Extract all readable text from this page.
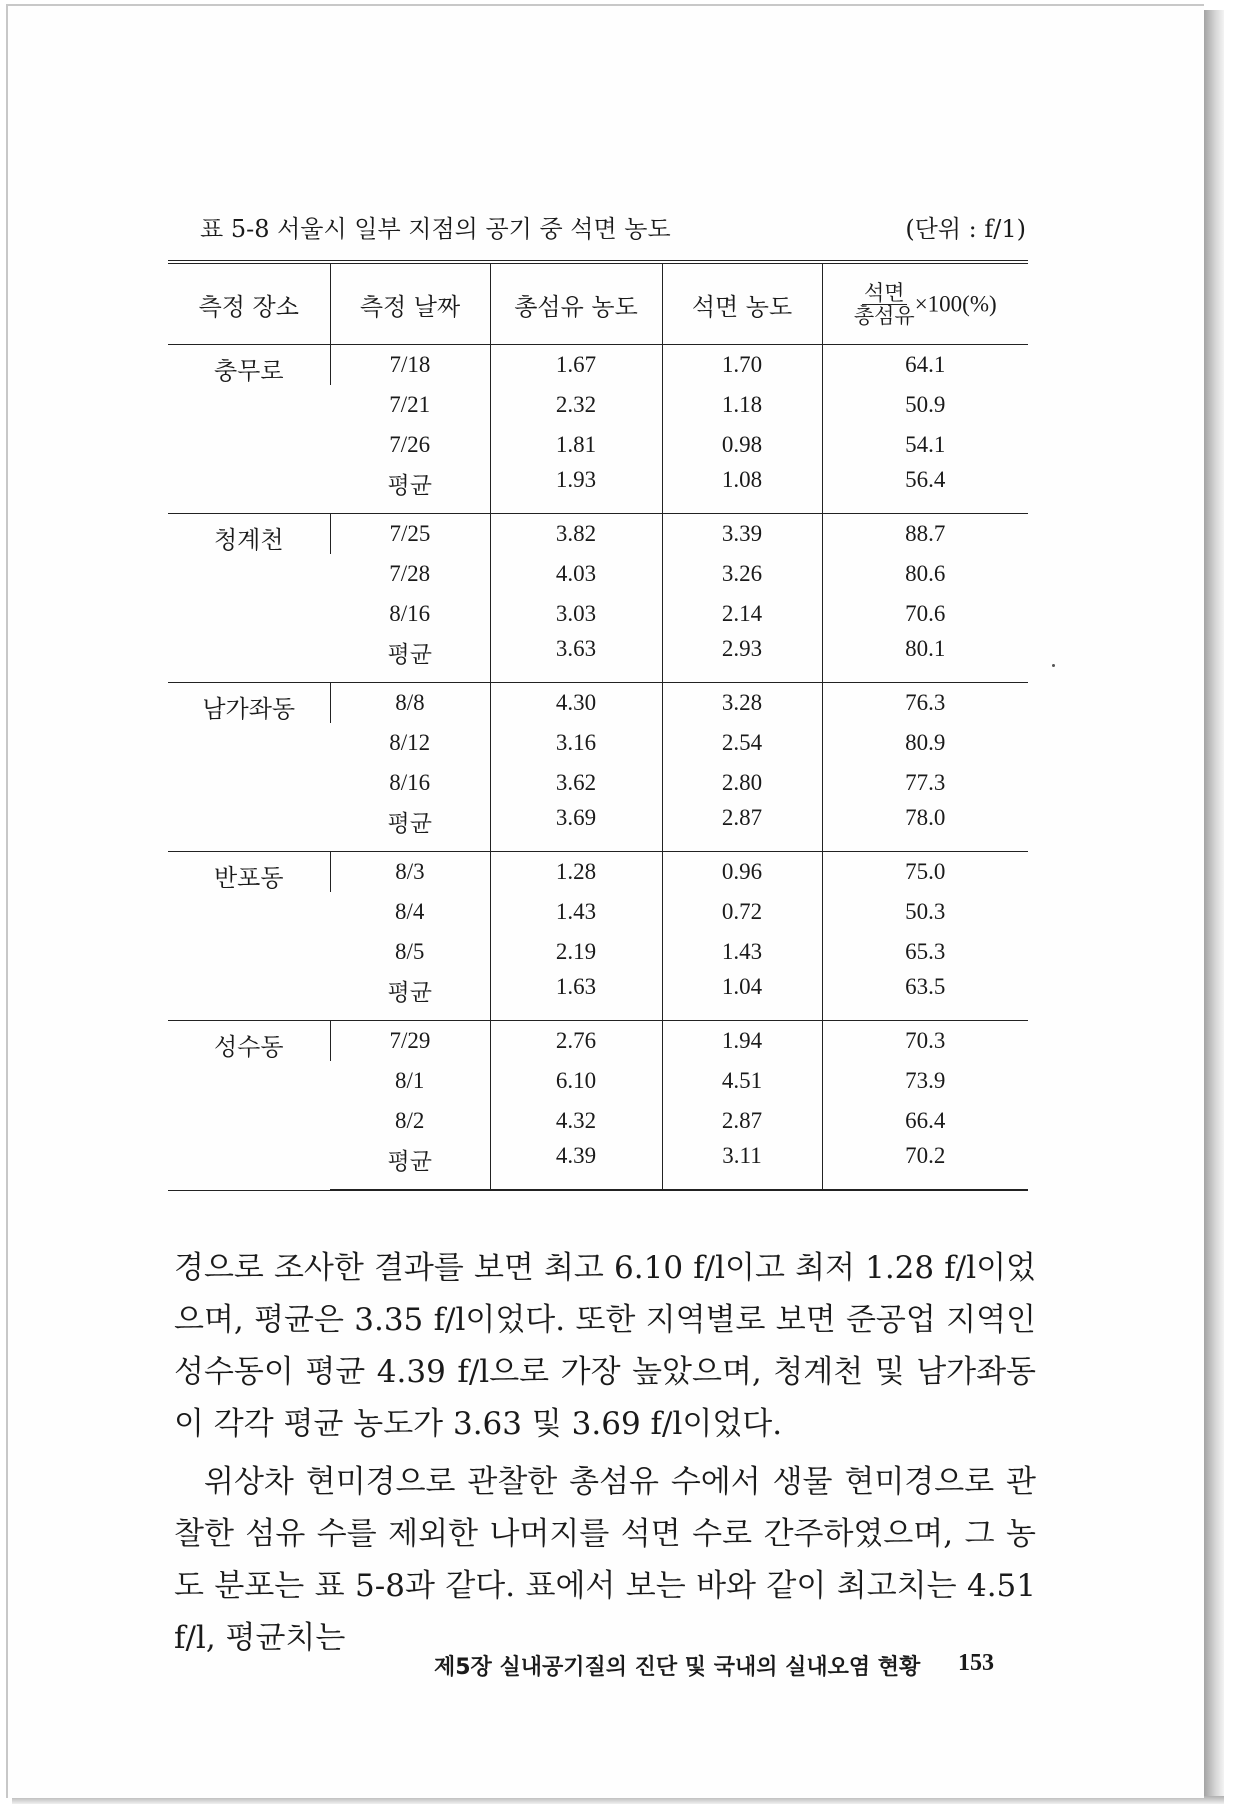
표 5-8 서울시 일부 지점의 공기 중 석면 농도	(단위 : f/1)
측정 장소	측정 날짜	총섬유 농도	석면 농도	$\frac{\text{석면}}{\text{총섬유}} \times 100(\%)$
충무로	7/18	1.67	1.70	64.1
	7/21	2.32	1.18	50.9
	7/26	1.81	0.98	54.1
	평균	1.93	1.08	56.4
청계천	7/25	3.82	3.39	88.7
	7/28	4.03	3.26	80.6
	8/16	3.03	2.14	70.6
	평균	3.63	2.93	80.1
남가좌동	8/8	4.30	3.28	76.3
	8/12	3.16	2.54	80.9
	8/16	3.62	2.80	77.3
	평균	3.69	2.87	78.0
반포동	8/3	1.28	0.96	75.0
	8/4	1.43	0.72	50.3
	8/5	2.19	1.43	65.3
	평균	1.63	1.04	63.5
성수동	7/29	2.76	1.94	70.3
	8/1	6.10	4.51	73.9
	8/2	4.32	2.87	66.4
	평균	4.39	3.11	70.2

경으로 조사한 결과를 보면 최고 6.10 f/l이고 최저 1.28 f/l이었으며, 평균은 3.35 f/l이었다. 또한 지역별로 보면 준공업 지역인 성수동이 평균 4.39 f/l으로 가장 높았으며, 청계천 및 남가좌동이 각각 평균 농도가 3.63 및 3.69 f/l이었다.

위상차 현미경으로 관찰한 총섬유 수에서 생물 현미경으로 관찰한 섬유 수를 제외한 나머지를 석면 수로 간주하였으며, 그 농도 분포는 표 5-8과 같다. 표에서 보는 바와 같이 최고치는 4.51 f/l, 평균치는

제5장 실내공기질의 진단 및 국내의 실내오염 현황 153
